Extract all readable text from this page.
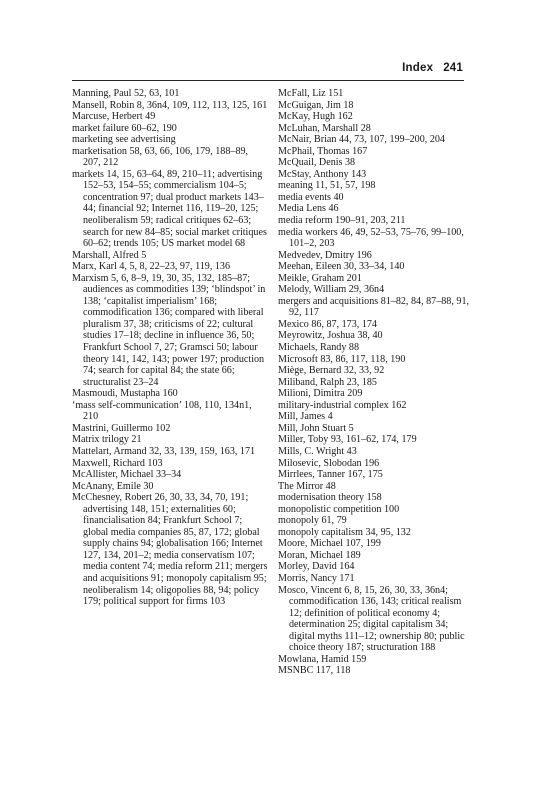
Index 241
Manning, Paul 52, 63, 101
Mansell, Robin 8, 36n4, 109, 112, 113, 125, 161
Marcuse, Herbert 49
market failure 60–62, 190
marketing see advertising
marketisation 58, 63, 66, 106, 179, 188–89, 207, 212
markets 14, 15, 63–64, 89, 210–11; advertising 152–53, 154–55; commercialism 104–5; concentration 97; dual product markets 143–44; financial 92; Internet 116, 119–20, 125; neoliberalism 59; radical critiques 62–63; search for new 84–85; social market critiques 60–62; trends 105; US market model 68
Marshall, Alfred 5
Marx, Karl 4, 5, 8, 22–23, 97, 119, 136
Marxism 5, 6, 8–9, 19, 30, 35, 132, 185–87; audiences as commodities 139; ‘blindspot’ in 138; ‘capitalist imperialism’ 168; commodification 136; compared with liberal pluralism 37, 38; criticisms of 22; cultural studies 17–18; decline in influence 36, 50; Frankfurt School 7, 27; Gramsci 50; labour theory 141, 142, 143; power 197; production 74; search for capital 84; the state 66; structuralist 23–24
Masmoudi, Mustapha 160
‘mass self-communication’ 108, 110, 134n1, 210
Mastrini, Guillermo 102
Matrix trilogy 21
Mattelart, Armand 32, 33, 139, 159, 163, 171
Maxwell, Richard 103
McAllister, Michael 33–34
McAnany, Emile 30
McChesney, Robert 26, 30, 33, 34, 70, 191; advertising 148, 151; externalities 60; financialisation 84; Frankfurt School 7; global media companies 85, 87, 172; global supply chains 94; globalisation 166; Internet 127, 134, 201–2; media conservatism 107; media content 74; media reform 211; mergers and acquisitions 91; monopoly capitalism 95; neoliberalism 14; oligopolies 88, 94; policy 179; political support for firms 103
McFall, Liz 151
McGuigan, Jim 18
McKay, Hugh 162
McLuhan, Marshall 28
McNair, Brian 44, 73, 107, 199–200, 204
McPhail, Thomas 167
McQuail, Denis 38
McStay, Anthony 143
meaning 11, 51, 57, 198
media events 40
Media Lens 46
media reform 190–91, 203, 211
media workers 46, 49, 52–53, 75–76, 99–100, 101–2, 203
Medvedev, Dmitry 196
Meehan, Eileen 30, 33–34, 140
Meikle, Graham 201
Melody, William 29, 36n4
mergers and acquisitions 81–82, 84, 87–88, 91, 92, 117
Mexico 86, 87, 173, 174
Meyrowitz, Joshua 38, 40
Michaels, Randy 88
Microsoft 83, 86, 117, 118, 190
Miège, Bernard 32, 33, 92
Miliband, Ralph 23, 185
Milioni, Dimitra 209
military-industrial complex 162
Mill, James 4
Mill, John Stuart 5
Miller, Toby 93, 161–62, 174, 179
Mills, C. Wright 43
Milosevic, Slobodan 196
Mirrlees, Tanner 167, 175
The Mirror 48
modernisation theory 158
monopolistic competition 100
monopoly 61, 79
monopoly capitalism 34, 95, 132
Moore, Michael 107, 199
Moran, Michael 189
Morley, David 164
Morris, Nancy 171
Mosco, Vincent 6, 8, 15, 26, 30, 33, 36n4; commodification 136, 143; critical realism 12; definition of political economy 4; determination 25; digital capitalism 34; digital myths 111–12; ownership 80; public choice theory 187; structuration 188
Mowlana, Hamid 159
MSNBC 117, 118
